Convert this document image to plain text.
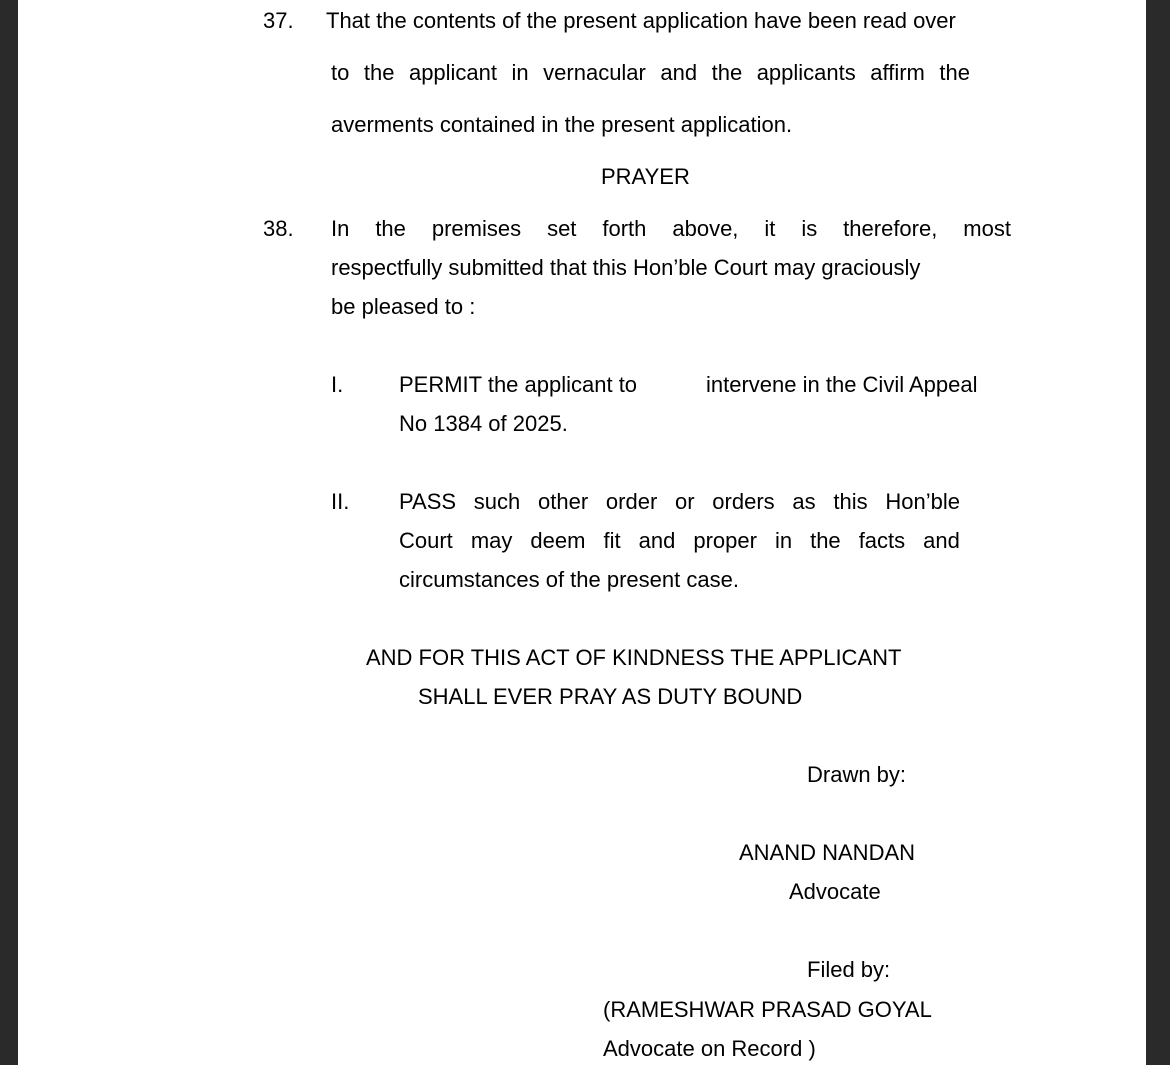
37. That the contents of the present application have been read over
to the applicant in vernacular and the applicants affirm the
averments contained in the present application.
PRAYER
38. In the premises set forth above, it is therefore, most
respectfully submitted that this Hon’ble Court may graciously
be pleased to :
I.	PERMIT the applicant to	intervene in the Civil Appeal
No 1384 of 2025.
II. PASS such other order or orders as this Hon’ble
Court may deem fit and proper in the facts and
circumstances of the present case.
AND FOR THIS ACT OF KINDNESS THE APPLICANT
SHALL EVER PRAY AS DUTY BOUND
Drawn by:
ANAND NANDAN
Advocate
Filed by:
(RAMESHWAR PRASAD GOYAL
Advocate on Record )
